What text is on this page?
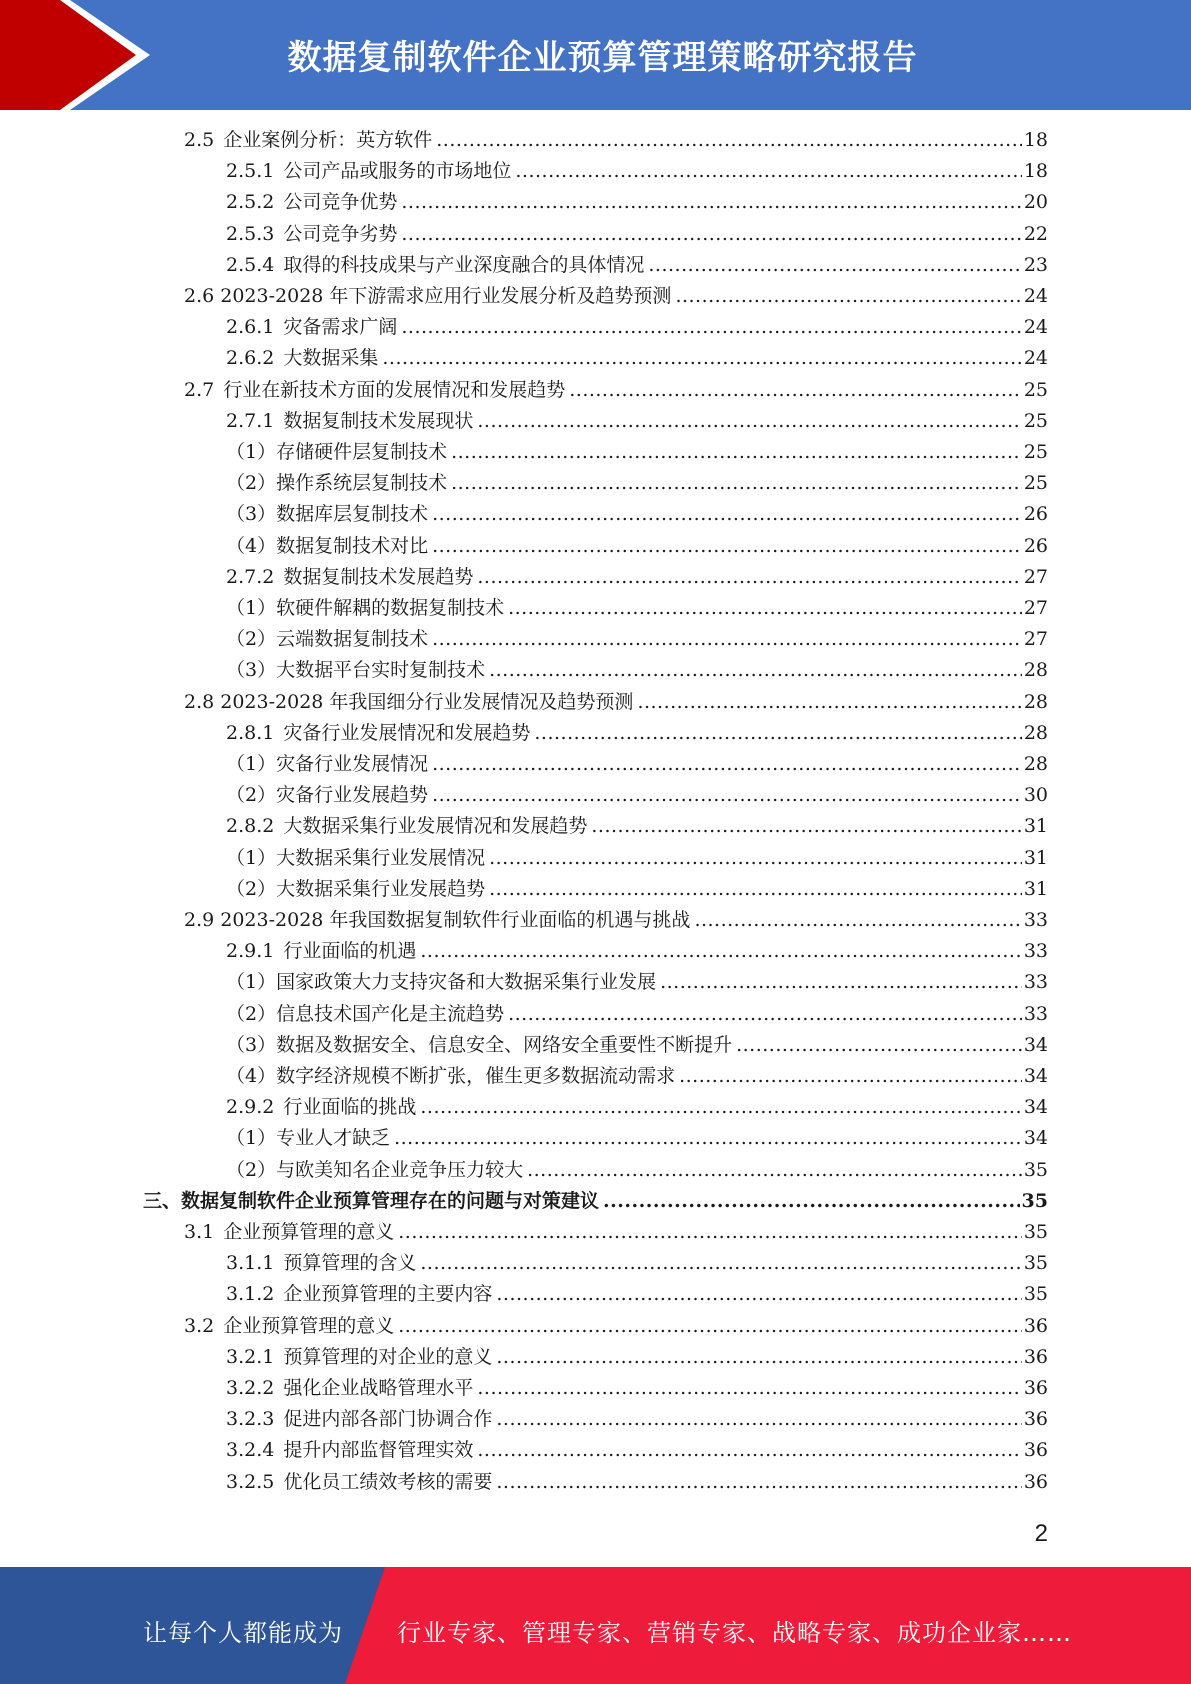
数据复制软件企业预算管理策略研究报告
2.5 企业案例分析：英方软件 .....	18
2.5.1 公司产品或服务的市场地位 .....	18
2.5.2 公司竞争优势 .....	20
2.5.3 公司竞争劣势 .....	22
2.5.4 取得的科技成果与产业深度融合的具体情况 .....	23
2.6 2023-2028 年下游需求应用行业发展分析及趋势预测 .....	24
2.6.1 灾备需求广阔 .....	24
2.6.2 大数据采集 .....	24
2.7 行业在新技术方面的发展情况和发展趋势 .....	25
2.7.1 数据复制技术发展现状 .....	25
（1）存储硬件层复制技术 .....	25
（2）操作系统层复制技术 .....	25
（3）数据库层复制技术 .....	26
（4）数据复制技术对比 .....	26
2.7.2 数据复制技术发展趋势 .....	27
（1）软硬件解耦的数据复制技术 .....	27
（2）云端数据复制技术 .....	27
（3）大数据平台实时复制技术 .....	28
2.8 2023-2028 年我国细分行业发展情况及趋势预测 .....	28
2.8.1 灾备行业发展情况和发展趋势 .....	28
（1）灾备行业发展情况 .....	28
（2）灾备行业发展趋势 .....	30
2.8.2 大数据采集行业发展情况和发展趋势 .....	31
（1）大数据采集行业发展情况 .....	31
（2）大数据采集行业发展趋势 .....	31
2.9 2023-2028 年我国数据复制软件行业面临的机遇与挑战 .....	33
2.9.1 行业面临的机遇 .....	33
（1）国家政策大力支持灾备和大数据采集行业发展 .....	33
（2）信息技术国产化是主流趋势 .....	33
（3）数据及数据安全、信息安全、网络安全重要性不断提升 .....	34
（4）数字经济规模不断扩张，催生更多数据流动需求 .....	34
2.9.2 行业面临的挑战 .....	34
（1）专业人才缺乏 .....	34
（2）与欧美知名企业竞争压力较大 .....	35
三、数据复制软件企业预算管理存在的问题与对策建议 .....	35
3.1 企业预算管理的意义 .....	35
3.1.1 预算管理的含义 .....	35
3.1.2 企业预算管理的主要内容 .....	35
3.2 企业预算管理的意义 .....	36
3.2.1 预算管理的对企业的意义 .....	36
3.2.2 强化企业战略管理水平 .....	36
3.2.3 促进内部各部门协调合作 .....	36
3.2.4 提升内部监督管理实效 .....	36
3.2.5 优化员工绩效考核的需要 .....	36
2
让每个人都能成为 行业专家、管理专家、营销专家、战略专家、成功企业家……
